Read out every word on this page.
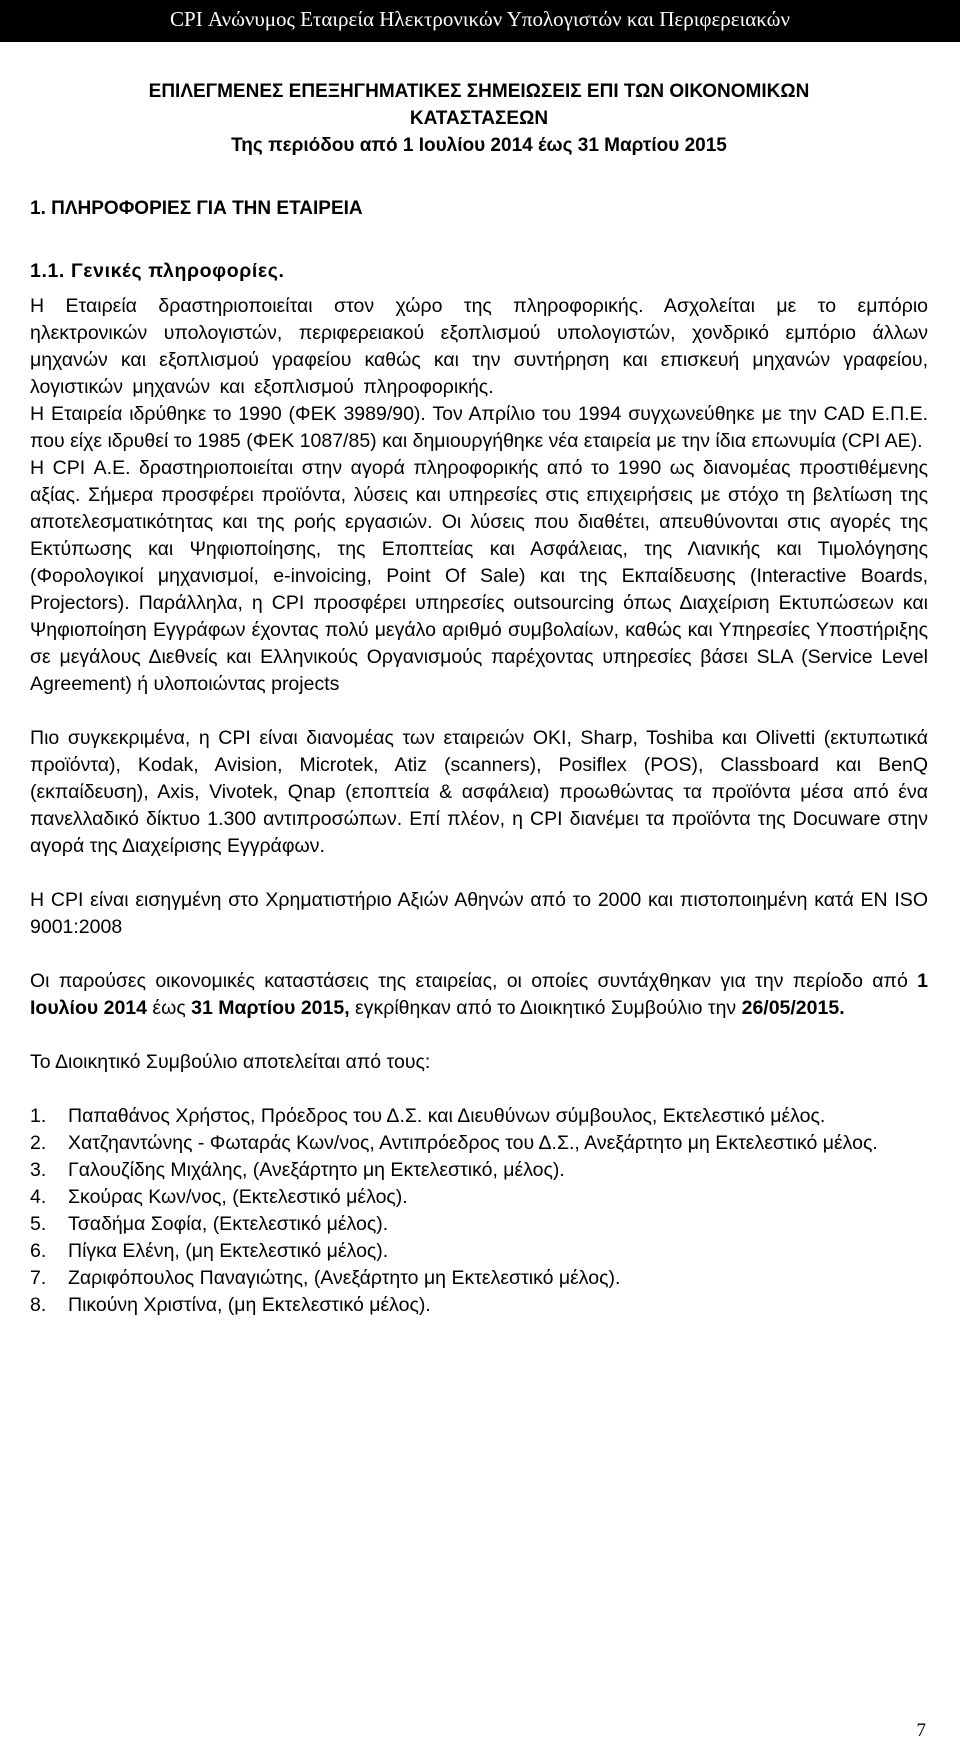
CPI Ανώνυμος Εταιρεία Ηλεκτρονικών Υπολογιστών και Περιφερειακών
ΕΠΙΛΕΓΜΕΝΕΣ ΕΠΕΞΗΓΗΜΑΤΙΚΕΣ ΣΗΜΕΙΩΣΕΙΣ ΕΠΙ ΤΩΝ ΟΙΚΟΝΟΜΙΚΩΝ
ΚΑΤΑΣΤΑΣΕΩΝ
Της περιόδου από 1 Ιουλίου 2014 έως 31 Μαρτίου 2015
1. ΠΛΗΡΟΦΟΡΙΕΣ ΓΙΑ ΤΗΝ ΕΤΑΙΡΕΙΑ
1.1. Γενικές πληροφορίες.

Η Εταιρεία δραστηριοποιείται στον χώρο της πληροφορικής. Ασχολείται με το εμπόριο ηλεκτρονικών υπολογιστών, περιφερειακού εξοπλισμού υπολογιστών, χονδρικό εμπόριο άλλων μηχανών και εξοπλισμού γραφείου καθώς και την συντήρηση και επισκευή μηχανών γραφείου, λογιστικών μηχανών και εξοπλισμού πληροφορικής.

Η Εταιρεία ιδρύθηκε το 1990 (ΦΕΚ 3989/90). Τον Απρίλιο του 1994 συγχωνεύθηκε με την CAD Ε.Π.Ε. που είχε ιδρυθεί το 1985 (ΦΕΚ 1087/85) και δημιουργήθηκε νέα εταιρεία με την ίδια επωνυμία (CPI AE).

Η CPI Α.Ε. δραστηριοποιείται στην αγορά πληροφορικής από το 1990 ως διανομέας προστιθέμενης αξίας. Σήμερα προσφέρει προϊόντα, λύσεις και υπηρεσίες στις επιχειρήσεις με στόχο τη βελτίωση της αποτελεσματικότητας και της ροής εργασιών. Οι λύσεις που διαθέτει, απευθύνονται στις αγορές της Εκτύπωσης και Ψηφιοποίησης, της Εποπτείας και Ασφάλειας, της Λιανικής και Τιμολόγησης (Φορολογικοί μηχανισμοί, e-invoicing, Point Of Sale) και της Εκπαίδευσης (Interactive Boards, Projectors). Παράλληλα, η CPI προσφέρει υπηρεσίες outsourcing όπως Διαχείριση Εκτυπώσεων και Ψηφιοποίηση Εγγράφων έχοντας πολύ μεγάλο αριθμό συμβολαίων, καθώς και Υπηρεσίες Υποστήριξης σε μεγάλους Διεθνείς και Ελληνικούς Οργανισμούς παρέχοντας υπηρεσίες βάσει SLA (Service Level Agreement) ή υλοποιώντας projects

Πιο συγκεκριμένα, η CPI είναι διανομέας των εταιρειών OKI, Sharp, Toshiba και Olivetti (εκτυπωτικά προϊόντα), Kodak, Avision, Microtek, Atiz (scanners), Posiflex (POS), Classboard και BenQ (εκπαίδευση), Axis, Vivotek, Qnap (εποπτεία & ασφάλεια) προωθώντας τα προϊόντα μέσα από ένα πανελλαδικό δίκτυο 1.300 αντιπροσώπων. Επί πλέον, η CPI διανέμει τα προϊόντα της Docuware στην αγορά της Διαχείρισης Εγγράφων.

Η CPI είναι εισηγμένη στο Χρηματιστήριο Αξιών Αθηνών από το 2000 και πιστοποιημένη κατά EN ISO 9001:2008

Οι παρούσες οικονομικές καταστάσεις της εταιρείας, οι οποίες συντάχθηκαν για την περίοδο από 1 Ιουλίου 2014 έως 31 Μαρτίου 2015, εγκρίθηκαν από το Διοικητικό Συμβούλιο την 26/05/2015.

Το Διοικητικό Συμβούλιο αποτελείται από τους:

1.	Παπαθάνος Χρήστος, Πρόεδρος του Δ.Σ. και Διευθύνων σύμβουλος, Εκτελεστικό μέλος.
2.	Χατζηαντώνης - Φωταράς Κων/νος, Αντιπρόεδρος του Δ.Σ., Ανεξάρτητο μη Εκτελεστικό μέλος.
3.	Γαλουζίδης Μιχάλης, (Ανεξάρτητο μη Εκτελεστικό, μέλος).
4.	Σκούρας Κων/νος, (Εκτελεστικό μέλος).
5.	Τσαδήμα Σοφία, (Εκτελεστικό μέλος).
6.	Πίγκα Ελένη, (μη Εκτελεστικό μέλος).
7.	Ζαριφόπουλος Παναγιώτης, (Ανεξάρτητο μη Εκτελεστικό μέλος).
8.	Πικούνη Χριστίνα, (μη Εκτελεστικό μέλος).
7
